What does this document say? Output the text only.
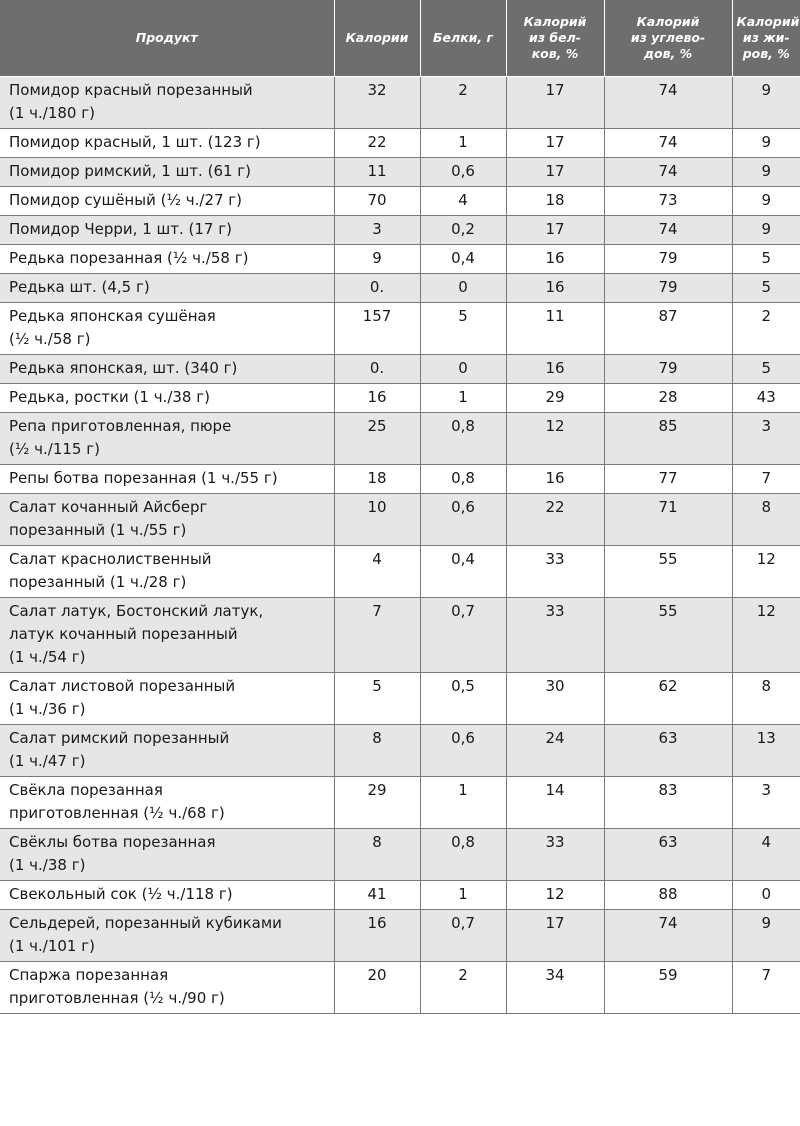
Продукт	Калории	Белки, г	Калорий
из бел-
ков, %	Калорий
из углево-
дов, %	Калорий
из жи-
ров, %
Помидор красный порезанный
(1 ч./180 г)	32	2	17	74	9
Помидор красный, 1 шт. (123 г)	22	1	17	74	9
Помидор римский, 1 шт. (61 г)	11	0,6	17	74	9
Помидор сушёный (½ ч./27 г)	70	4	18	73	9
Помидор Черри, 1 шт. (17 г)	3	0,2	17	74	9
Редька порезанная (½ ч./58 г)	9	0,4	16	79	5
Редька шт. (4,5 г)	0.	0	16	79	5
Редька японская сушёная
(½ ч./58 г)	157	5	11	87	2
Редька японская, шт. (340 г)	0.	0	16	79	5
Редька, ростки (1 ч./38 г)	16	1	29	28	43
Репа приготовленная, пюре
(½ ч./115 г)	25	0,8	12	85	3
Репы ботва порезанная (1 ч./55 г)	18	0,8	16	77	7
Салат кочанный Айсберг
порезанный (1 ч./55 г)	10	0,6	22	71	8
Салат краснолиственный
порезанный (1 ч./28 г)	4	0,4	33	55	12
Салат латук, Бостонский латук,
латук кочанный порезанный
(1 ч./54 г)	7	0,7	33	55	12
Салат листовой порезанный
(1 ч./36 г)	5	0,5	30	62	8
Салат римский порезанный
(1 ч./47 г)	8	0,6	24	63	13
Свёкла порезанная
приготовленная (½ ч./68 г)	29	1	14	83	3
Свёклы ботва порезанная
(1 ч./38 г)	8	0,8	33	63	4
Свекольный сок (½ ч./118 г)	41	1	12	88	0
Сельдерей, порезанный кубиками
(1 ч./101 г)	16	0,7	17	74	9
Спаржа порезанная
приготовленная (½ ч./90 г)	20	2	34	59	7
